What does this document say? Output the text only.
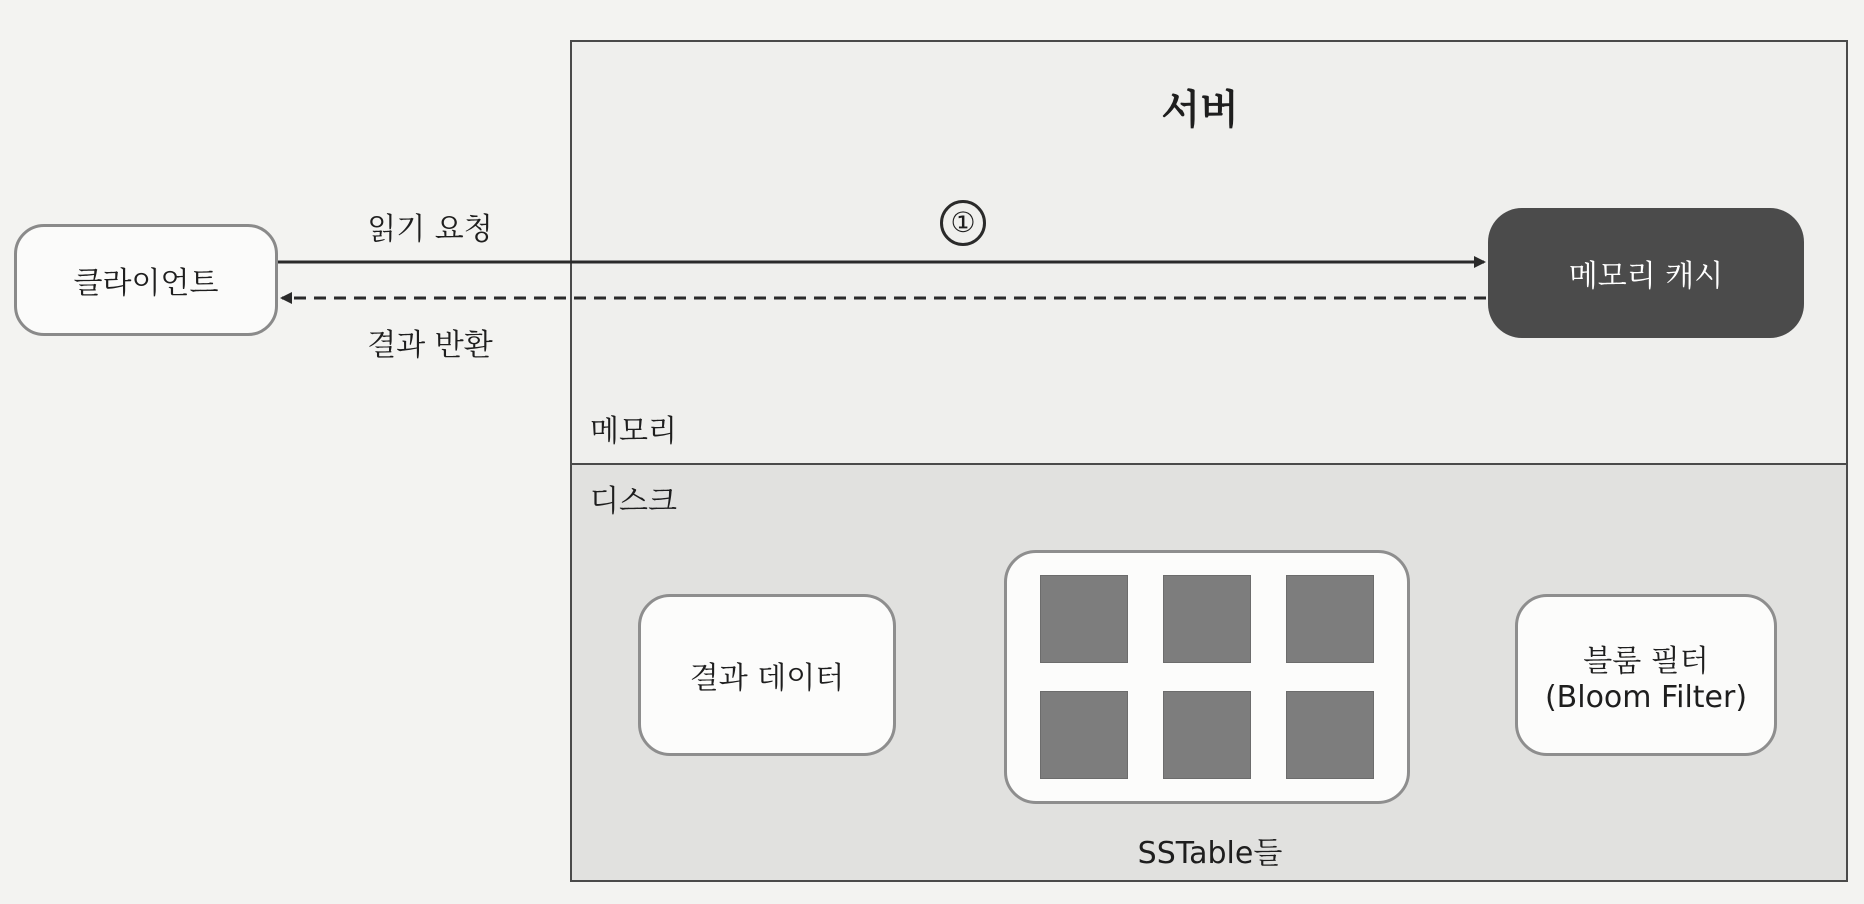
서버
메모리
디스크
클라이언트
읽기 요청
결과 반환
①
메모리 캐시
결과 데이터
SSTable들
블룸 필터
(Bloom Filter)
